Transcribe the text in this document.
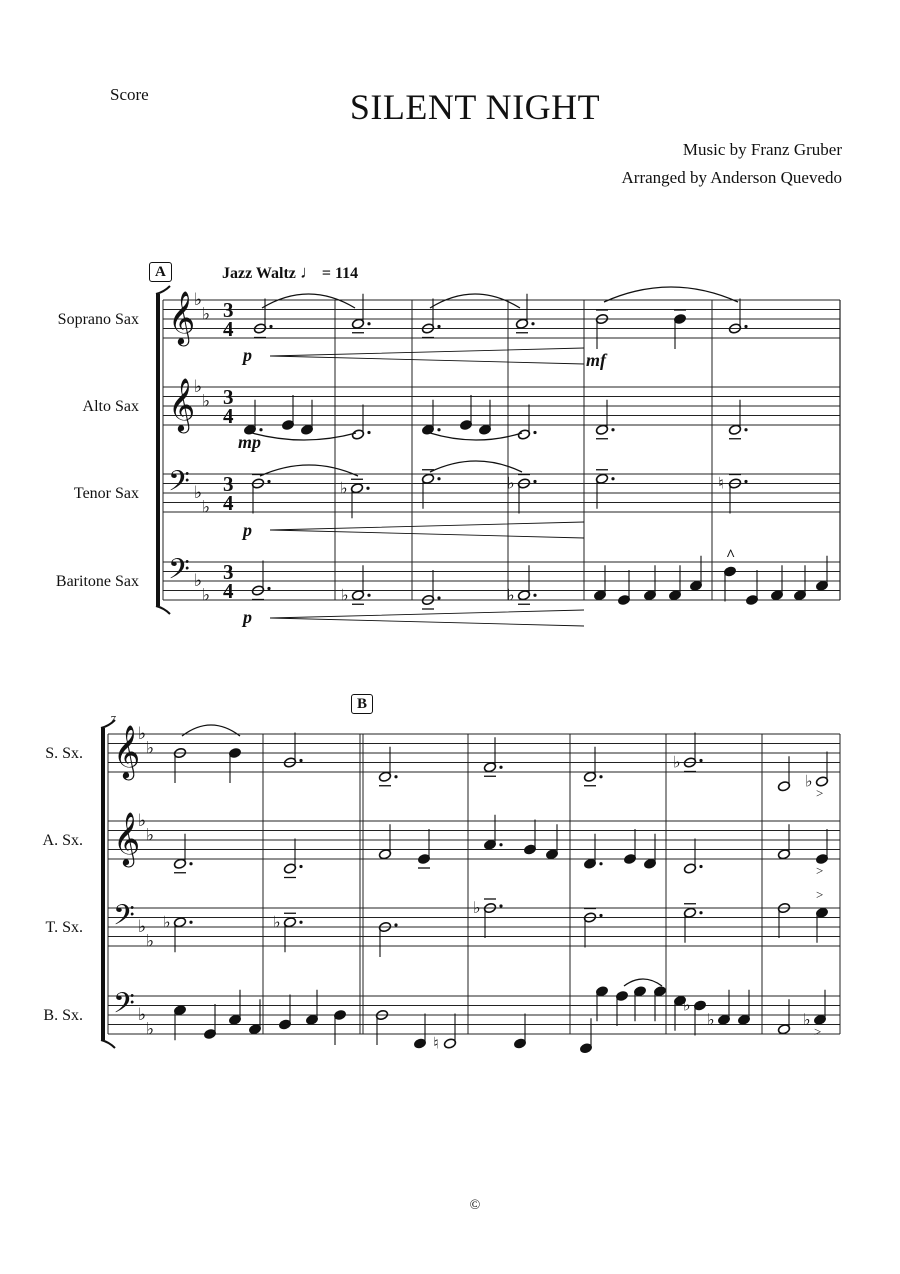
Score	SILENT NIGHT
Music by Franz Gruber
Arranged by Anderson Quevedo
A	Jazz Waltz ♩ = 114
Soprano Sax
Alto Sax
Tenor Sax
Baritone Sax
7
B
S. Sx.
A. Sx.
T. Sx.
B. Sx.
©
𝄞
♭
♭ 3
4
𝄞
♭
♭ 3
4
𝄢 ♭
♭
3
4
𝄢 ♭
♭
3
4
p	mf
mp
♭	♭	♮
p
♭	♭
^
p
𝄞
♭
♭
𝄞
♭
♭
𝄢 ♭
♭
𝄢 ♭
♭
♭
♭
>
>
♭	♭
♭
>
♮
♭
♭	♭
>
